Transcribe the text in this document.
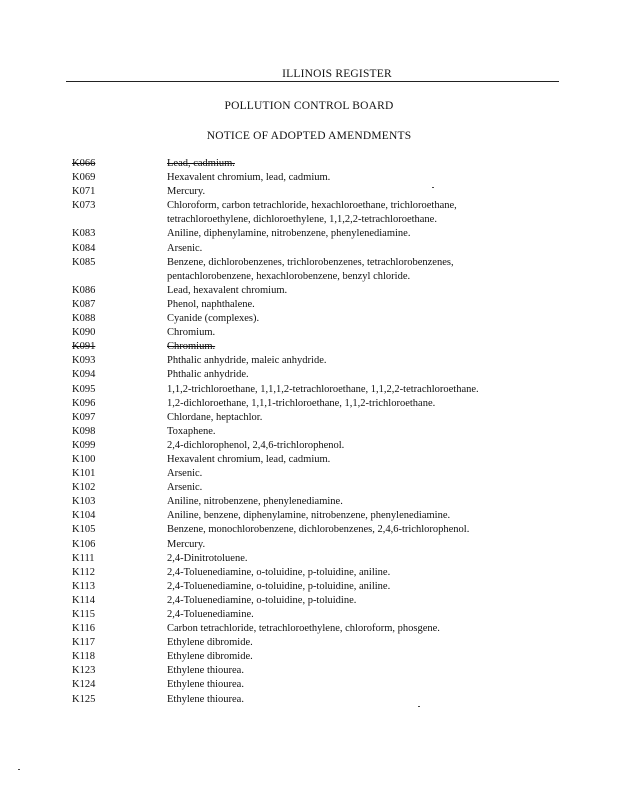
ILLINOIS REGISTER
POLLUTION CONTROL BOARD
NOTICE OF ADOPTED AMENDMENTS
K066	Lead, cadmium.
K069	Hexavalent chromium, lead, cadmium.
K071	Mercury.
K073	Chloroform, carbon tetrachloride, hexachloroethane, trichloroethane,
tetrachloroethylene, dichloroethylene, 1,1,2,2-tetrachloroethane.
K083	Aniline, diphenylamine, nitrobenzene, phenylenediamine.
K084	Arsenic.
K085	Benzene, dichlorobenzenes, trichlorobenzenes, tetrachlorobenzenes,
pentachlorobenzene, hexachlorobenzene, benzyl chloride.
K086	Lead, hexavalent chromium.
K087	Phenol, naphthalene.
K088	Cyanide (complexes).
K090	Chromium.
K091	Chromium.
K093	Phthalic anhydride, maleic anhydride.
K094	Phthalic anhydride.
K095	1,1,2-trichloroethane, 1,1,1,2-tetrachloroethane, 1,1,2,2-tetrachloroethane.
K096	1,2-dichloroethane, 1,1,1-trichloroethane, 1,1,2-trichloroethane.
K097	Chlordane, heptachlor.
K098	Toxaphene.
K099	2,4-dichlorophenol, 2,4,6-trichlorophenol.
K100	Hexavalent chromium, lead, cadmium.
K101	Arsenic.
K102	Arsenic.
K103	Aniline, nitrobenzene, phenylenediamine.
K104	Aniline, benzene, diphenylamine, nitrobenzene, phenylenediamine.
K105	Benzene, monochlorobenzene, dichlorobenzenes, 2,4,6-trichlorophenol.
K106	Mercury.
K111	2,4-Dinitrotoluene.
K112	2,4-Toluenediamine, o-toluidine, p-toluidine, aniline.
K113	2,4-Toluenediamine, o-toluidine, p-toluidine, aniline.
K114	2,4-Toluenediamine, o-toluidine, p-toluidine.
K115	2,4-Toluenediamine.
K116	Carbon tetrachloride, tetrachloroethylene, chloroform, phosgene.
K117	Ethylene dibromide.
K118	Ethylene dibromide.
K123	Ethylene thiourea.
K124	Ethylene thiourea.
K125	Ethylene thiourea.
